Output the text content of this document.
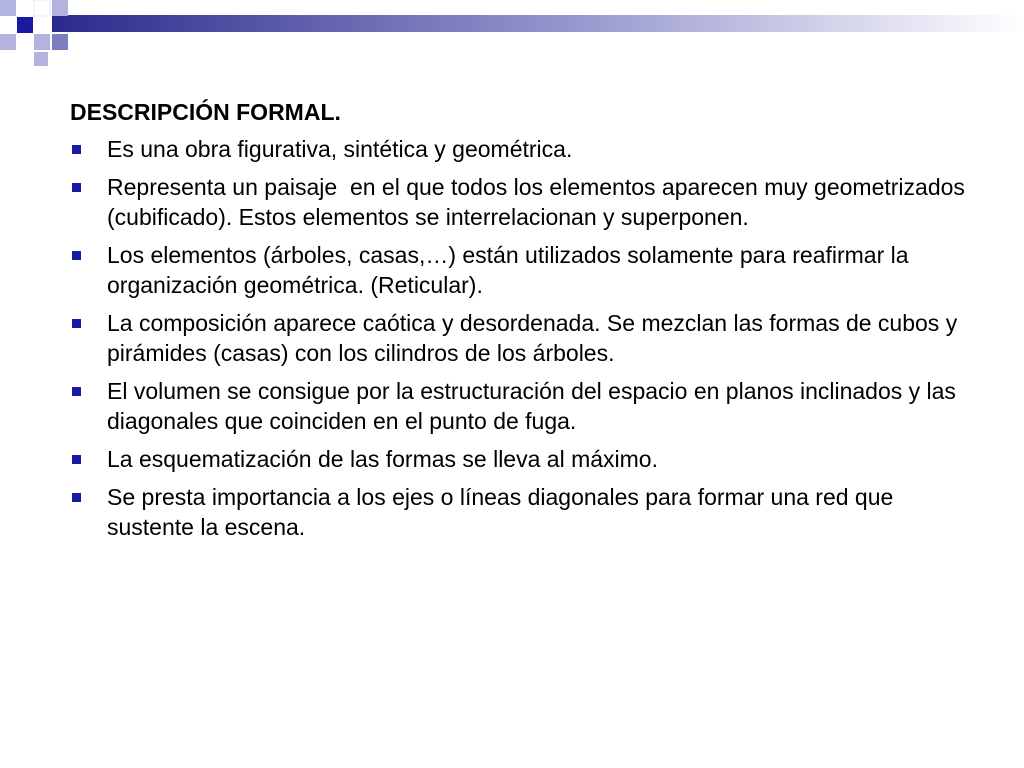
DESCRIPCIÓN FORMAL.
Es una obra figurativa, sintética y geométrica.
Representa un paisaje  en el que todos los elementos aparecen muy geometrizados (cubificado). Estos elementos se interrelacionan y superponen.
Los elementos (árboles, casas,…) están utilizados solamente para reafirmar la organización geométrica. (Reticular).
La composición aparece caótica y desordenada. Se mezclan las formas de cubos y pirámides (casas) con los cilindros de los árboles.
El volumen se consigue por la estructuración del espacio en planos inclinados y las diagonales que coinciden en el punto de fuga.
La esquematización de las formas se lleva al máximo.
Se presta importancia a los ejes o líneas diagonales para formar una red que sustente la escena.
